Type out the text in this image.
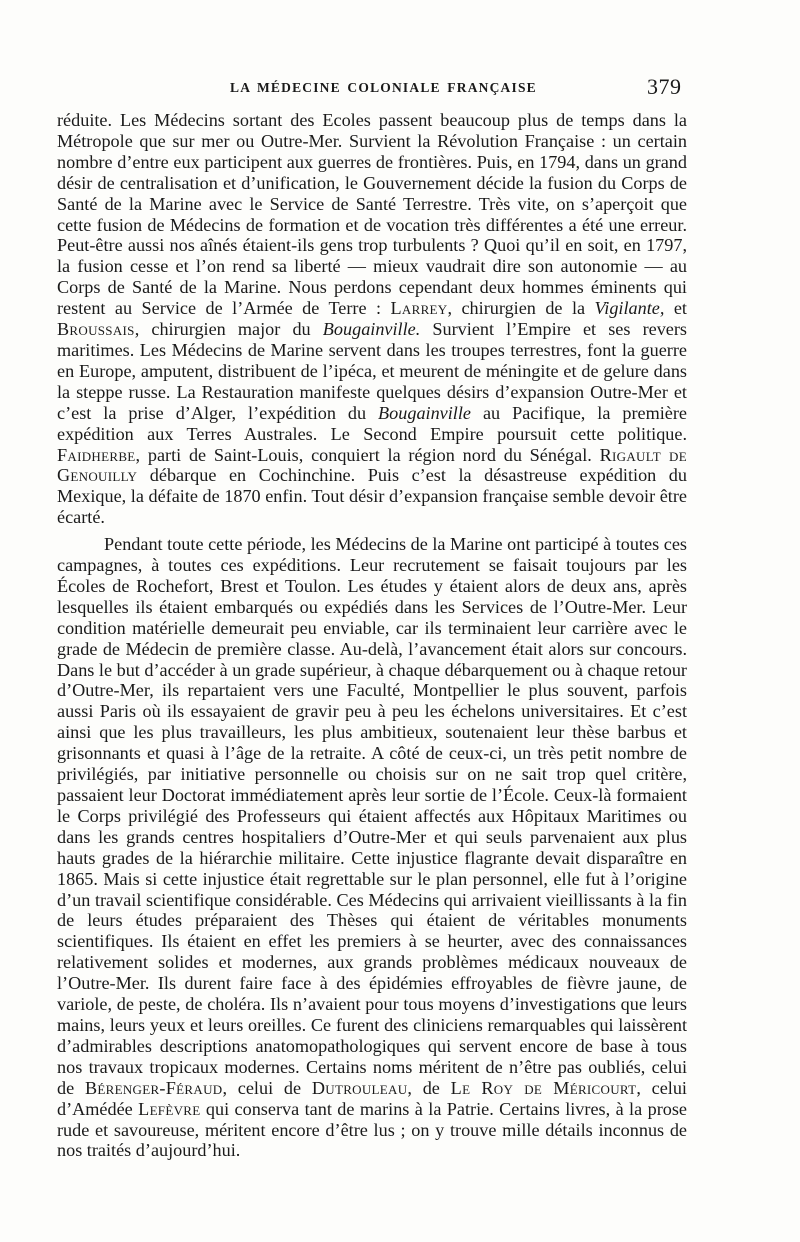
LA MÉDECINE COLONIALE FRANÇAISE	379

réduite. Les Médecins sortant des Ecoles passent beaucoup plus de temps dans la Métropole que sur mer ou Outre-Mer. Survient la Révolution Française : un certain nombre d’entre eux participent aux guerres de frontières. Puis, en 1794, dans un grand désir de centralisation et d’unification, le Gouvernement décide la fusion du Corps de Santé de la Marine avec le Service de Santé Terrestre. Très vite, on s’aperçoit que cette fusion de Médecins de formation et de vocation très différentes a été une erreur. Peut-être aussi nos aînés étaient-ils gens trop turbulents ? Quoi qu’il en soit, en 1797, la fusion cesse et l’on rend sa liberté — mieux vaudrait dire son autonomie — au Corps de Santé de la Marine. Nous perdons cependant deux hommes éminents qui restent au Service de l’Armée de Terre : Larrey, chirurgien de la Vigilante, et Broussais, chirurgien major du Bougainville. Survient l’Empire et ses revers maritimes. Les Médecins de Marine servent dans les troupes terrestres, font la guerre en Europe, amputent, distribuent de l’ipéca, et meurent de méningite et de gelure dans la steppe russe. La Restauration manifeste quelques désirs d’expansion Outre-Mer et c’est la prise d’Alger, l’expédition du Bougainville au Pacifique, la première expédition aux Terres Australes. Le Second Empire poursuit cette politique. Faidherbe, parti de Saint-Louis, conquiert la région nord du Sénégal. Rigault de Genouilly débarque en Cochinchine. Puis c’est la désastreuse expédition du Mexique, la défaite de 1870 enfin. Tout désir d’expansion française semble devoir être écarté.

Pendant toute cette période, les Médecins de la Marine ont participé à toutes ces campagnes, à toutes ces expéditions. Leur recrutement se faisait toujours par les Écoles de Rochefort, Brest et Toulon. Les études y étaient alors de deux ans, après lesquelles ils étaient embarqués ou expédiés dans les Services de l’Outre-Mer. Leur condition matérielle demeurait peu enviable, car ils terminaient leur carrière avec le grade de Médecin de première classe. Au-delà, l’avancement était alors sur concours. Dans le but d’accéder à un grade supérieur, à chaque débarquement ou à chaque retour d’Outre-Mer, ils repartaient vers une Faculté, Montpellier le plus souvent, parfois aussi Paris où ils essayaient de gravir peu à peu les échelons universitaires. Et c’est ainsi que les plus travailleurs, les plus ambitieux, soutenaient leur thèse barbus et grisonnants et quasi à l’âge de la retraite. A côté de ceux-ci, un très petit nombre de privilégiés, par initiative personnelle ou choisis sur on ne sait trop quel critère, passaient leur Doctorat immédiatement après leur sortie de l’École. Ceux-là formaient le Corps privilégié des Professeurs qui étaient affectés aux Hôpitaux Maritimes ou dans les grands centres hospitaliers d’Outre-Mer et qui seuls parvenaient aux plus hauts grades de la hiérarchie militaire. Cette injustice flagrante devait disparaître en 1865. Mais si cette injustice était regrettable sur le plan personnel, elle fut à l’origine d’un travail scientifique considérable. Ces Médecins qui arrivaient vieillissants à la fin de leurs études préparaient des Thèses qui étaient de véritables monuments scientifiques. Ils étaient en effet les premiers à se heurter, avec des connaissances relativement solides et modernes, aux grands problèmes médicaux nouveaux de l’Outre-Mer. Ils durent faire face à des épidémies effroyables de fièvre jaune, de variole, de peste, de choléra. Ils n’avaient pour tous moyens d’investigations que leurs mains, leurs yeux et leurs oreilles. Ce furent des cliniciens remarquables qui laissèrent d’admirables descriptions anatomopathologiques qui servent encore de base à tous nos travaux tropicaux modernes. Certains noms méritent de n’être pas oubliés, celui de Bérenger-Féraud, celui de Dutrouleau, de Le Roy de Méricourt, celui d’Amédée Lefèvre qui conserva tant de marins à la Patrie. Certains livres, à la prose rude et savoureuse, méritent encore d’être lus ; on y trouve mille détails inconnus de nos traités d’aujourd’hui.
